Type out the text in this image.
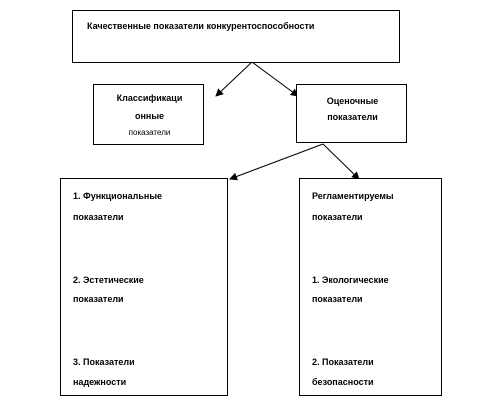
Качественные показатели конкурентоспособности
Классификаци
онные
показатели
Оценочные
показатели
1. Функциональные
показатели
2. Эстетические
показатели
3. Показатели
надежности
Регламентируемы
показатели
1. Экологические
показатели
2. Показатели
безопасности
